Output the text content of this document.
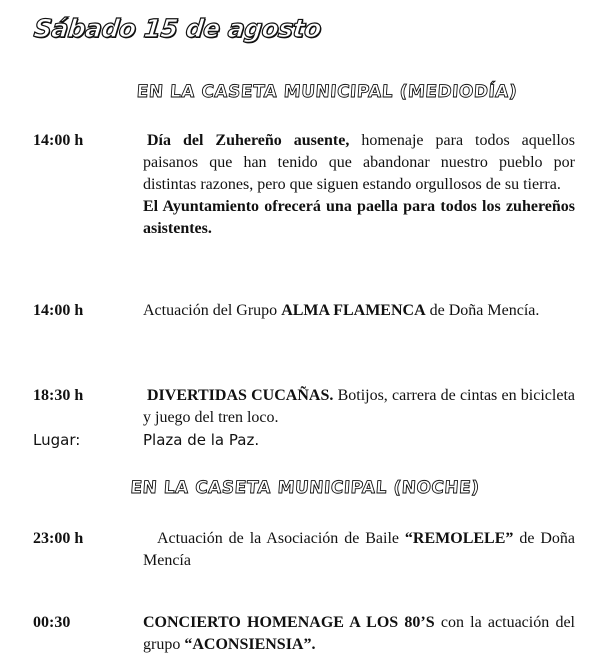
Sábado 15 de agosto
EN LA CASETA MUNICIPAL (MEDIODÍA)
14:00 h	Día del Zuhereño ausente, homenaje para todos aquellos paisanos que han tenido que abandonar nuestro pueblo por distintas razones, pero que siguen estando orgullosos de su tierra.
El Ayuntamiento ofrecerá una paella para todos los zuhereños asistentes.
14:00 h	Actuación del Grupo ALMA FLAMENCA de Doña Mencía.
18:30 h	DIVERTIDAS CUCAÑAS. Botijos, carrera de cintas en bicicleta y juego del tren loco.
Lugar:	Plaza de la Paz.
EN LA CASETA MUNICIPAL (NOCHE)
23:00 h	Actuación de la Asociación de Baile “REMOLELE” de Doña Mencía
00:30	CONCIERTO HOMENAGE A LOS 80’S con la actuación del grupo “ACONSIENSIA”.
